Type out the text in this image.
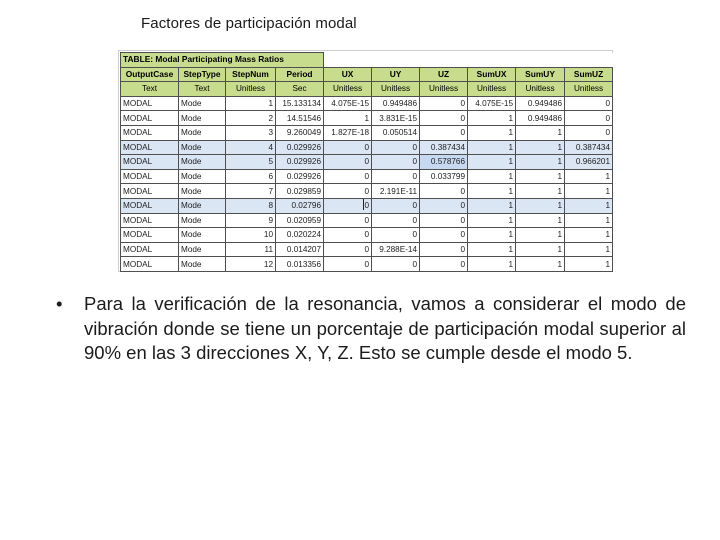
Factores de participación modal
TABLE: Modal Participating Mass Ratios									
OutputCase	StepType	StepNum	Period	UX	UY	UZ	SumUX	SumUY	SumUZ
Text	Text	Unitless	Sec	Unitless	Unitless	Unitless	Unitless	Unitless	Unitless
MODAL	Mode	1	15.133134	4.075E-15	0.949486	0	4.075E-15	0.949486	0
MODAL	Mode	2	14.51546	1	3.831E-15	0	1	0.949486	0
MODAL	Mode	3	9.260049	1.827E-18	0.050514	0	1	1	0
MODAL	Mode	4	0.029926	0	0	0.387434	1	1	0.387434
MODAL	Mode	5	0.029926	0	0	0.578766	1	1	0.966201
MODAL	Mode	6	0.029926	0	0	0.033799	1	1	1
MODAL	Mode	7	0.029859	0	2.191E-11	0	1	1	1
MODAL	Mode	8	0.02796	0	0	0	1	1	1
MODAL	Mode	9	0.020959	0	0	0	1	1	1
MODAL	Mode	10	0.020224	0	0	0	1	1	1
MODAL	Mode	11	0.014207	0	9.288E-14	0	1	1	1
MODAL	Mode	12	0.013356	0	0	0	1	1	1
•	Para la verificación de la resonancia, vamos a considerar el modo de vibración donde se tiene un porcentaje de participación modal superior al 90% en las 3 direcciones X, Y, Z. Esto se cumple desde el modo 5.
